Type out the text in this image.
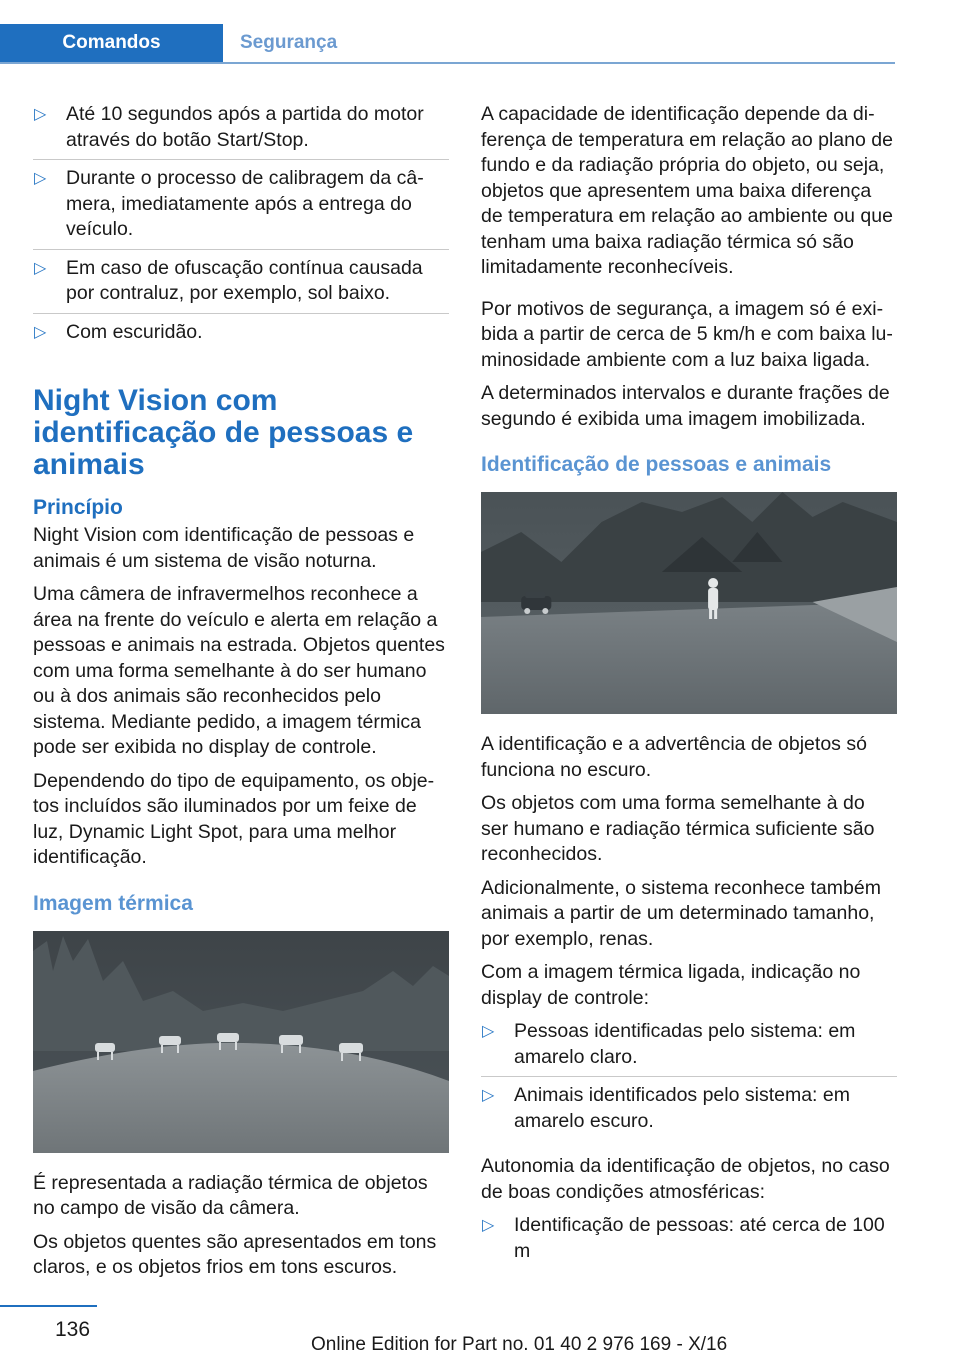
Comandos	Segurança
▷ Até 10 segundos após a partida do motor através do botão Start/Stop.
▷ Durante o processo de calibragem da câmera, imediatamente após a entrega do veículo.
▷ Em caso de ofuscação contínua causada por contraluz, por exemplo, sol baixo.
▷ Com escuridão.
Night Vision com identificação de pessoas e animais
Princípio

Night Vision com identificação de pessoas e animais é um sistema de visão noturna.

Uma câmera de infravermelhos reconhece a área na frente do veículo e alerta em relação a pessoas e animais na estrada. Objetos quentes com uma forma semelhante à do ser humano ou à dos animais são reconhecidos pelo sistema. Mediante pedido, a imagem térmica pode ser exibida no display de controle.

Dependendo do tipo de equipamento, os objetos incluídos são iluminados por um feixe de luz, Dynamic Light Spot, para uma melhor identificação.

Imagem térmica

É representada a radiação térmica de objetos no campo de visão da câmera.

Os objetos quentes são apresentados em tons claros, e os objetos frios em tons escuros.

A capacidade de identificação depende da diferença de temperatura em relação ao plano de fundo e da radiação própria do objeto, ou seja, objetos que apresentem uma baixa diferença de temperatura em relação ao ambiente ou que tenham uma baixa radiação térmica só são limitadamente reconhecíveis.

Por motivos de segurança, a imagem só é exibida a partir de cerca de 5 km/h e com baixa luminosidade ambiente com a luz baixa ligada.

A determinados intervalos e durante frações de segundo é exibida uma imagem imobilizada.

Identificação de pessoas e animais

A identificação e a advertência de objetos só funciona no escuro.

Os objetos com uma forma semelhante à do ser humano e radiação térmica suficiente são reconhecidos.

Adicionalmente, o sistema reconhece também animais a partir de um determinado tamanho, por exemplo, renas.

Com a imagem térmica ligada, indicação no display de controle:

▷ Pessoas identificadas pelo sistema: em amarelo claro.
▷ Animais identificados pelo sistema: em amarelo escuro.

Autonomia da identificação de objetos, no caso de boas condições atmosféricas:

▷ Identificação de pessoas: até cerca de 100 m
136
Online Edition for Part no. 01 40 2 976 169 - X/16
